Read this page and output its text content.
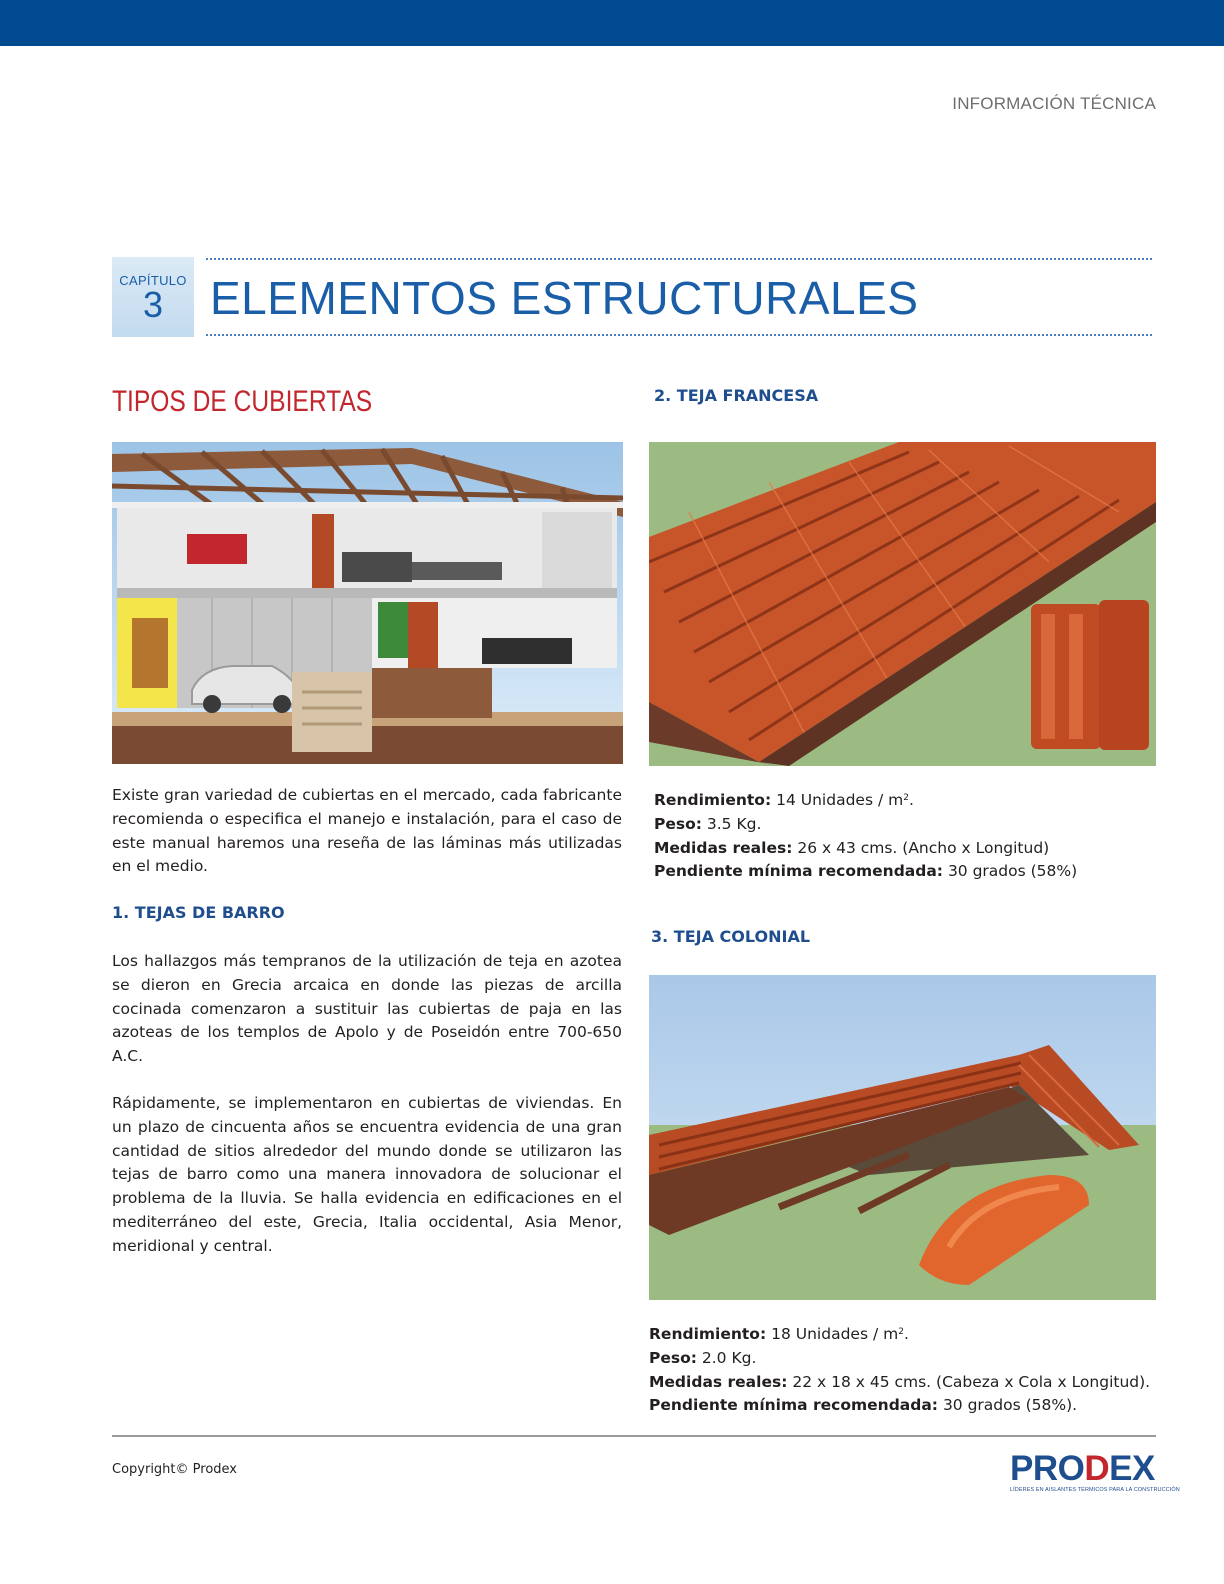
INFORMACIÓN TÉCNICA
CAPÍTULO
3	ELEMENTOS ESTRUCTURALES
TIPOS DE CUBIERTAS
Existe gran variedad de cubiertas en el mercado, cada fabricante recomienda o especifica el manejo e instalación, para el caso de este manual haremos una reseña de las láminas más utilizadas en el medio.
1. TEJAS DE BARRO
Los hallazgos más tempranos de la utilización de teja en azotea se dieron en Grecia arcaica en donde las piezas de arcilla cocinada comenzaron a sustituir las cubiertas de paja en las azoteas de los templos de Apolo y de Poseidón entre 700-650 A.C.
Rápidamente, se implementaron en cubiertas de viviendas. En un plazo de cincuenta años se encuentra evidencia de una gran cantidad de sitios alrededor del mundo donde se utilizaron las tejas de barro como una manera innovadora de solucionar el problema de la lluvia. Se halla evidencia en edificaciones en el mediterráneo del este, Grecia, Italia occidental, Asia Menor, meridional y central.
2. TEJA FRANCESA
Rendimiento: 14 Unidades / $m^2$.
Peso: 3.5 Kg.
Medidas reales: 26 x 43 cms. (Ancho x Longitud)
Pendiente mínima recomendada: 30 grados (58%)
3. TEJA COLONIAL
Rendimiento: 18 Unidades / $m^2$.
Peso: 2.0 Kg.
Medidas reales: 22 x 18 x 45 cms. (Cabeza x Cola x Longitud).
Pendiente mínima recomendada: 30 grados (58%).
Copyright© Prodex	PRODEX
LÍDERES EN AISLANTES TÉRMICOS PARA LA CONSTRUCCIÓN
